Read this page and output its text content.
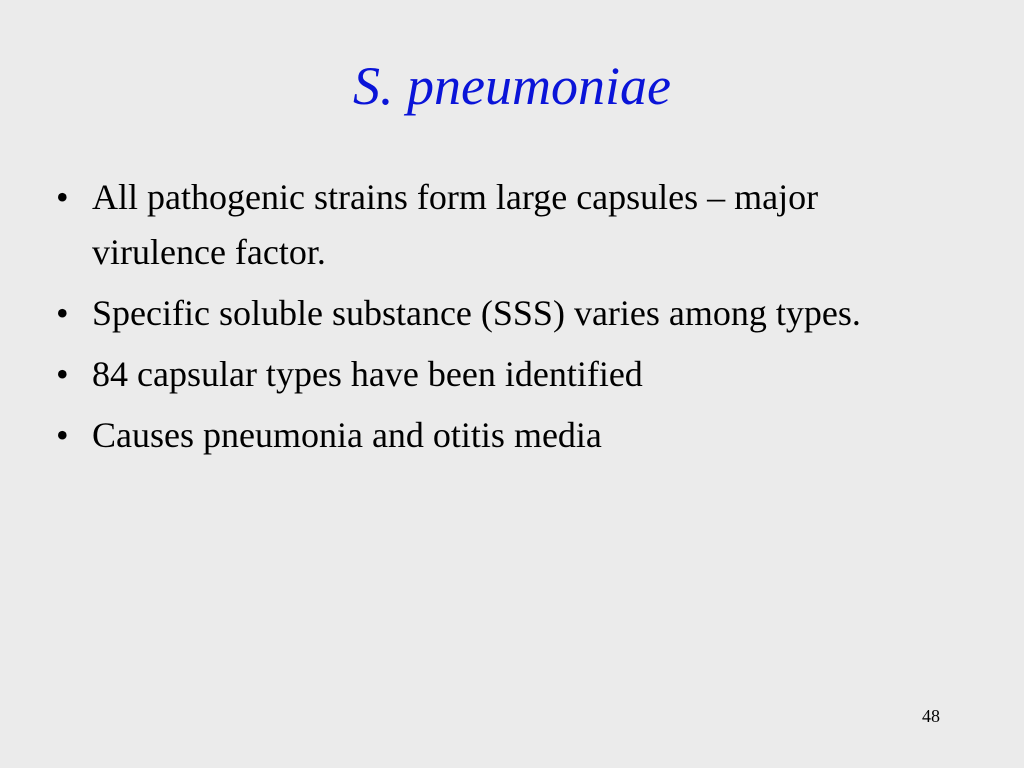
S. pneumoniae
• All pathogenic strains form large capsules – major virulence factor.
• Specific soluble substance (SSS) varies among types.
• 84 capsular types have been identified
• Causes pneumonia and otitis media
48
